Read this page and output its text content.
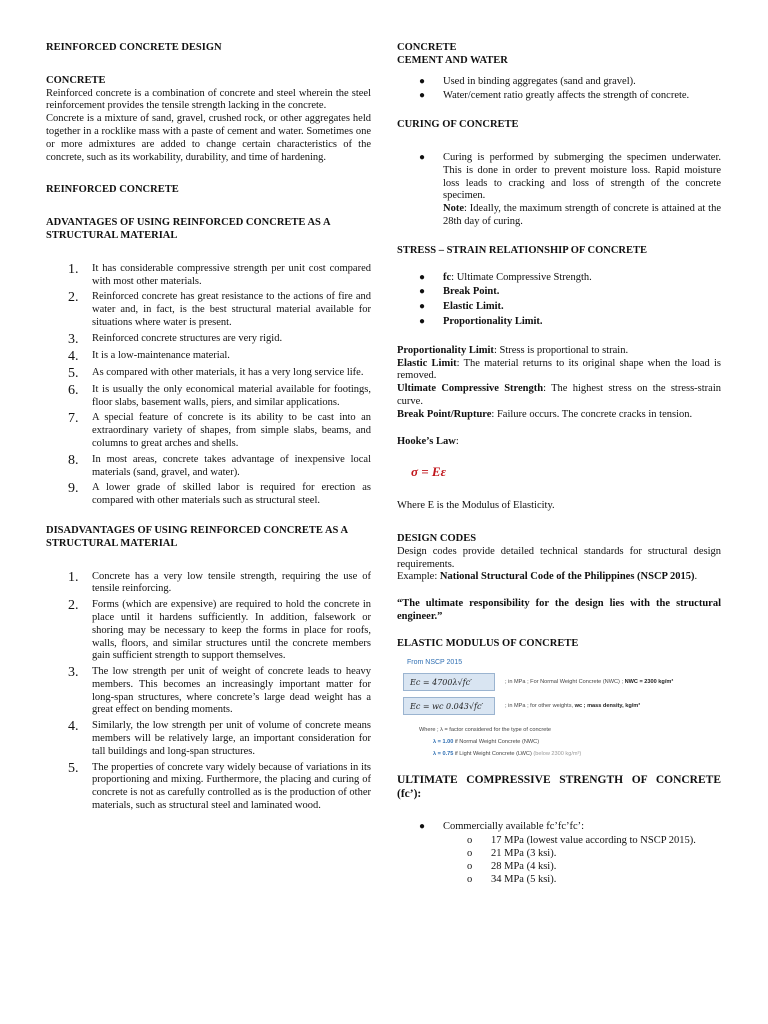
REINFORCED CONCRETE DESIGN
CONCRETE

Reinforced concrete is a combination of concrete and steel wherein the steel reinforcement provides the tensile strength lacking in the concrete.

Concrete is a mixture of sand, gravel, crushed rock, or other aggregates held together in a rocklike mass with a paste of cement and water. Sometimes one or more admixtures are added to change certain characteristics of the concrete, such as its workability, durability, and time of hardening.

REINFORCED CONCRETE
ADVANTAGES OF USING REINFORCED CONCRETE AS A STRUCTURAL MATERIAL
1.	It has considerable compressive strength per unit cost compared with most other materials.
2.	Reinforced concrete has great resistance to the actions of fire and water and, in fact, is the best structural material available for situations where water is present.
3.	Reinforced concrete structures are very rigid.
4.	It is a low-maintenance material.
5.	As compared with other materials, it has a very long service life.
6.	It is usually the only economical material available for footings, floor slabs, basement walls, piers, and similar applications.
7.	A special feature of concrete is its ability to be cast into an extraordinary variety of shapes, from simple slabs, beams, and columns to great arches and shells.
8.	In most areas, concrete takes advantage of inexpensive local materials (sand, gravel, and water).
9.	A lower grade of skilled labor is required for erection as compared with other materials such as structural steel.
DISADVANTAGES OF USING REINFORCED CONCRETE AS A STRUCTURAL MATERIAL
1.	Concrete has a very low tensile strength, requiring the use of tensile reinforcing.
2.	Forms (which are expensive) are required to hold the concrete in place until it hardens sufficiently. In addition, falsework or shoring may be necessary to keep the forms in place for roofs, walls, floors, and similar structures until the concrete members gain sufficient strength to support themselves.
3.	The low strength per unit of weight of concrete leads to heavy members. This becomes an increasingly important matter for long-span structures, where concrete’s large dead weight has a great effect on bending moments.
4.	Similarly, the low strength per unit of volume of concrete means members will be relatively large, an important consideration for tall buildings and long-span structures.
5.	The properties of concrete vary widely because of variations in its proportioning and mixing. Furthermore, the placing and curing of concrete is not as carefully controlled as is the production of other materials, such as structural steel and laminated wood.
CONCRETE
CEMENT AND WATER
●	Used in binding aggregates (sand and gravel).
●	Water/cement ratio greatly affects the strength of concrete.
CURING OF CONCRETE
●	Curing is performed by submerging the specimen underwater. This is done in order to prevent moisture loss. Rapid moisture loss leads to cracking and loss of strength of the concrete specimen.
Note: Ideally, the maximum strength of concrete is attained at the 28th day of curing.
STRESS – STRAIN RELATIONSHIP OF CONCRETE
●	fc: Ultimate Compressive Strength.
●	Break Point.
●	Elastic Limit.
●	Proportionality Limit.

Proportionality Limit: Stress is proportional to strain.

Elastic Limit: The material returns to its original shape when the load is removed.

Ultimate Compressive Strength: The highest stress on the stress-strain curve.

Break Point/Rupture: Failure occurs. The concrete cracks in tension.

Hooke’s Law:

σ = Eε

Where E is the Modulus of Elasticity.

DESIGN CODES

Design codes provide detailed technical standards for structural design requirements.

Example: National Structural Code of the Philippines (NSCP 2015).

“The ultimate responsibility for the design lies with the structural engineer.”

ELASTIC MODULUS OF CONCRETE
From NSCP 2015
Ec = 4700λ√fc′	; in MPa ; For Normal Weight Concrete (NWC) ; NWC = 2300 kg/m³
Ec = wc 0.043√fc′	; in MPa ; for other weights, wc ; mass density, kg/m³
Where ; λ = factor considered for the type of concrete
λ = 1.00 if Normal Weight Concrete (NWC)
λ = 0.75 if Light Weight Concrete (LWC) (below 2300 kg/m³)
ULTIMATE COMPRESSIVE STRENGTH OF CONCRETE (fc’):
●	Commercially available fc’fc’fc’:
o	17 MPa (lowest value according to NSCP 2015).
o	21 MPa (3 ksi).
o	28 MPa (4 ksi).
o	34 MPa (5 ksi).
